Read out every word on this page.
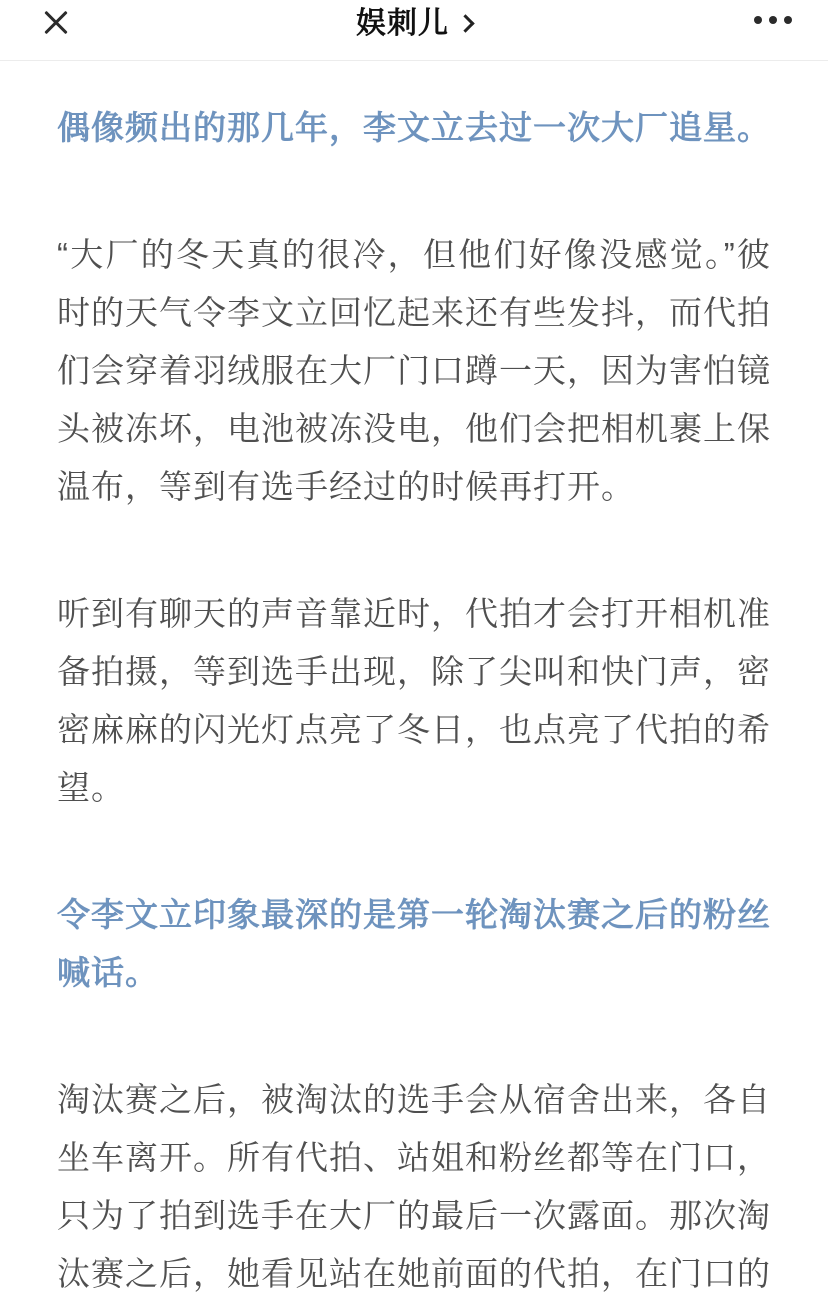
娱刺儿

偶像频出的那几年，李文立去过一次大厂追星。

“大厂的冬天真的很冷，但他们好像没感觉。”彼时的天气令李文立回忆起来还有些发抖，而代拍们会穿着羽绒服在大厂门口蹲一天，因为害怕镜头被冻坏，电池被冻没电，他们会把相机裹上保温布，等到有选手经过的时候再打开。

听到有聊天的声音靠近时，代拍才会打开相机准备拍摄，等到选手出现，除了尖叫和快门声，密密麻麻的闪光灯点亮了冬日，也点亮了代拍的希望。

令李文立印象最深的是第一轮淘汰赛之后的粉丝喊话。

淘汰赛之后，被淘汰的选手会从宿舍出来，各自坐车离开。所有代拍、站姐和粉丝都等在门口，只为了拍到选手在大厂的最后一次露面。那次淘汰赛之后，她看见站在她前面的代拍，在门口的
